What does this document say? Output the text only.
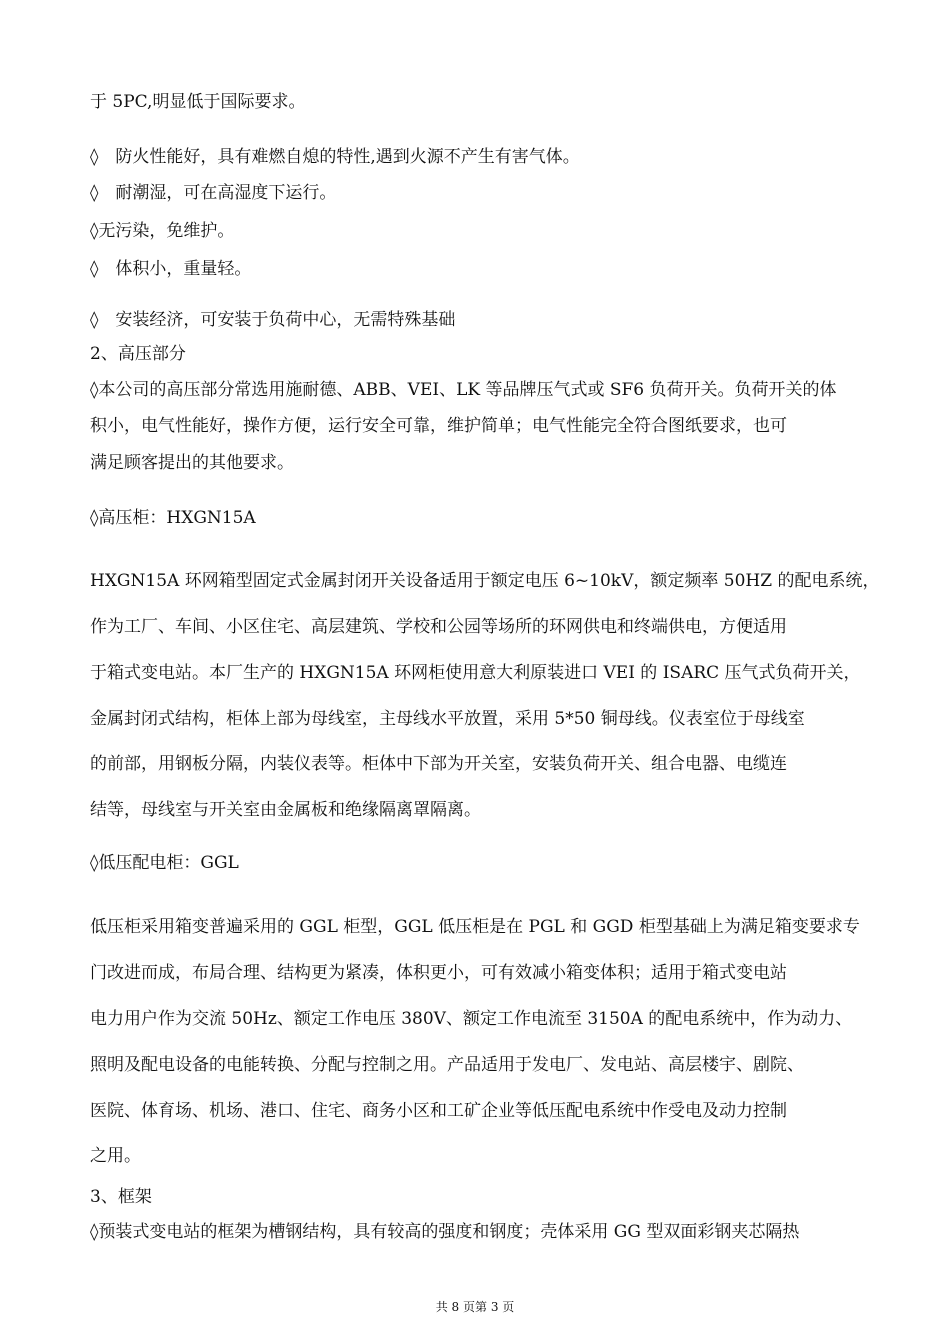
于 5PC,明显低于国际要求。
◊　防火性能好，具有难燃自熄的特性,遇到火源不产生有害气体。
◊　耐潮湿，可在高湿度下运行。
◊无污染，免维护。
◊　体积小，重量轻。
◊　安装经济，可安装于负荷中心，无需特殊基础
2、高压部分
◊本公司的高压部分常选用施耐德、ABB、VEI、LK 等品牌压气式或 SF6 负荷开关。负荷开关的体
积小，电气性能好，操作方便，运行安全可靠，维护简单；电气性能完全符合图纸要求，也可
满足顾客提出的其他要求。
◊高压柜：HXGN15A
HXGN15A 环网箱型固定式金属封闭开关设备适用于额定电压 6~10kV，额定频率 50HZ 的配电系统，
作为工厂、车间、小区住宅、高层建筑、学校和公园等场所的环网供电和终端供电，方便适用
于箱式变电站。本厂生产的 HXGN15A 环网柜使用意大利原装进口 VEI 的 ISARC 压气式负荷开关，
金属封闭式结构，柜体上部为母线室，主母线水平放置，采用 5*50 铜母线。仪表室位于母线室
的前部，用钢板分隔，内装仪表等。柜体中下部为开关室，安装负荷开关、组合电器、电缆连
结等，母线室与开关室由金属板和绝缘隔离罩隔离。
◊低压配电柜：GGL
低压柜采用箱变普遍采用的 GGL 柜型，GGL 低压柜是在 PGL 和 GGD 柜型基础上为满足箱变要求专
门改进而成，布局合理、结构更为紧凑，体积更小，可有效减小箱变体积；适用于箱式变电站
电力用户作为交流 50Hz、额定工作电压 380V、额定工作电流至 3150A 的配电系统中，作为动力、
照明及配电设备的电能转换、分配与控制之用。产品适用于发电厂、发电站、高层楼宇、剧院、
医院、体育场、机场、港口、住宅、商务小区和工矿企业等低压配电系统中作受电及动力控制
之用。
3、框架
◊预装式变电站的框架为槽钢结构，具有较高的强度和钢度；壳体采用 GG 型双面彩钢夹芯隔热
共 8 页第 3 页
